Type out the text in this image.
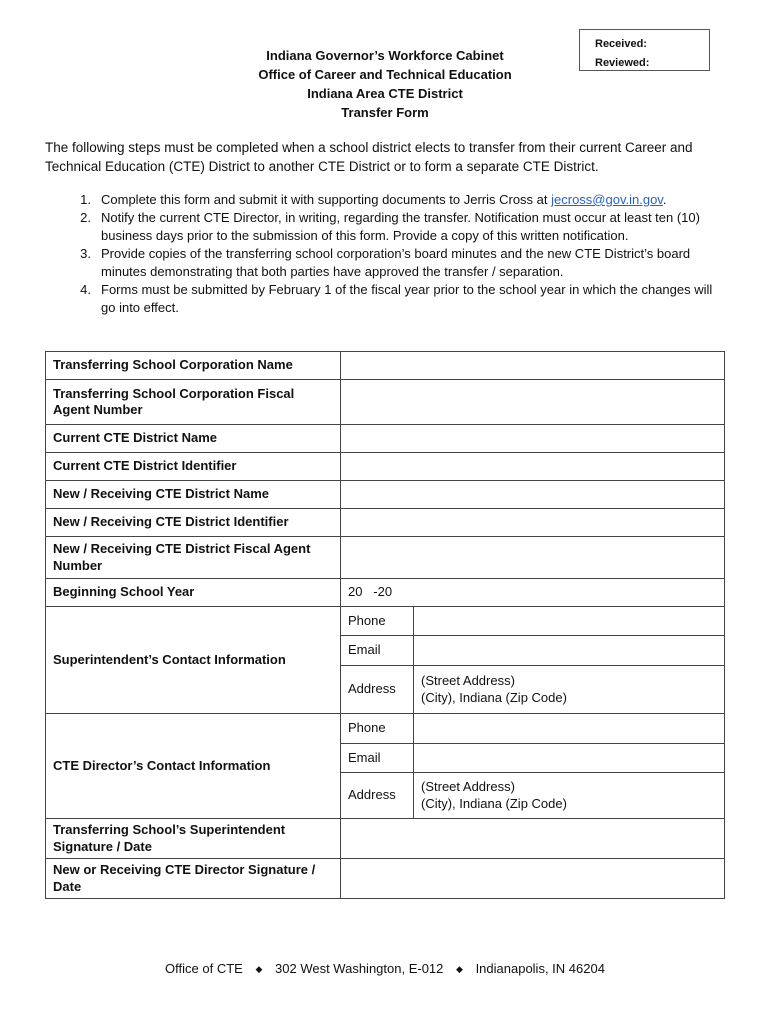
Received:
Reviewed:
Indiana Governor’s Workforce Cabinet
Office of Career and Technical Education
Indiana Area CTE District
Transfer Form
The following steps must be completed when a school district elects to transfer from their current Career and Technical Education (CTE) District to another CTE District or to form a separate CTE District.
1. Complete this form and submit it with supporting documents to Jerris Cross at jecross@gov.in.gov.
2. Notify the current CTE Director, in writing, regarding the transfer. Notification must occur at least ten (10) business days prior to the submission of this form. Provide a copy of this written notification.
3. Provide copies of the transferring school corporation’s board minutes and the new CTE District’s board minutes demonstrating that both parties have approved the transfer / separation.
4. Forms must be submitted by February 1 of the fiscal year prior to the school year in which the changes will go into effect.
Transferring School Corporation Name		
Transferring School Corporation Fiscal Agent Number		
Current CTE District Name		
Current CTE District Identifier		
New / Receiving CTE District Name		
New / Receiving CTE District Identifier		
New / Receiving CTE District Fiscal Agent Number		
Beginning School Year	20   -20	
Superintendent’s Contact Information	Phone	
	Email	
	Address	(Street Address)
(City), Indiana (Zip Code)

CTE Director’s Contact Information	Phone	
	Email	
	Address	(Street Address)
(City), Indiana (Zip Code)

Transferring School’s Superintendent Signature / Date		
New or Receiving CTE Director Signature / Date		
Office of CTE ◆ 302 West Washington, E-012 ◆ Indianapolis, IN 46204
